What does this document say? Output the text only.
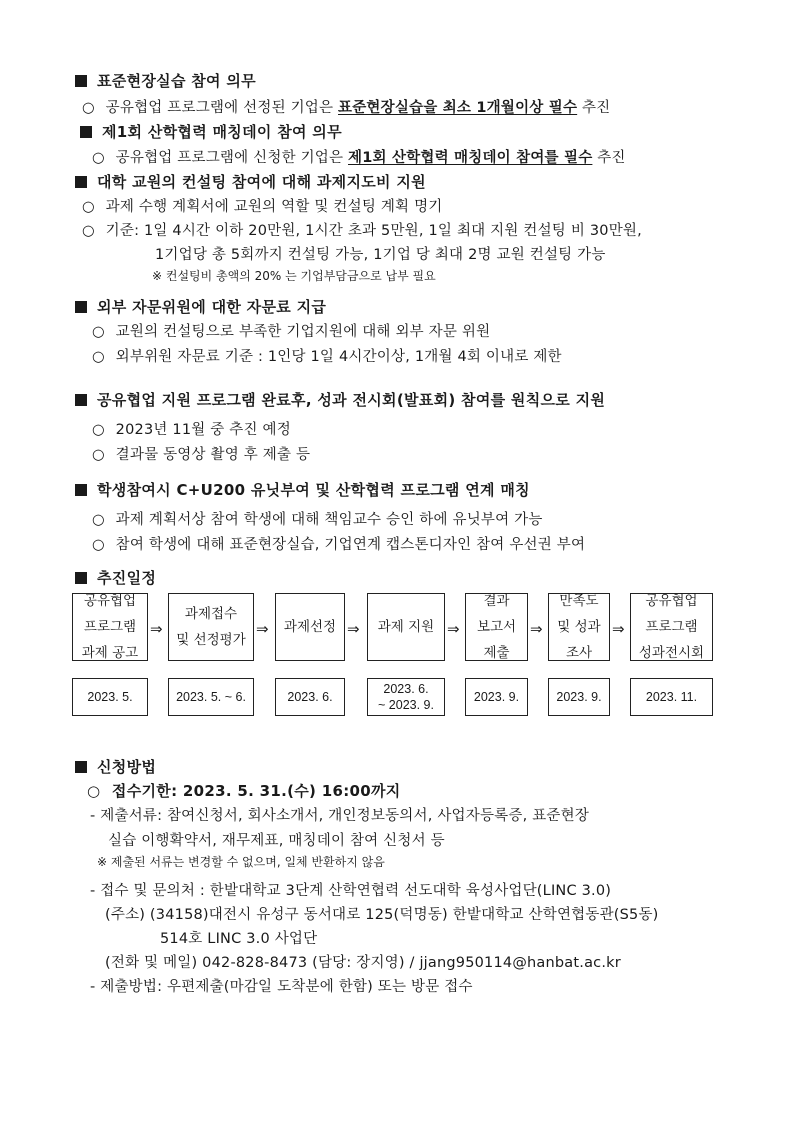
표준현장실습 참여 의무
○ 공유협업 프로그램에 선정된 기업은 표준현장실습을 최소 1개월이상 필수 추진
제1회 산학협력 매칭데이 참여 의무
○ 공유협업 프로그램에 신청한 기업은 제1회 산학협력 매칭데이 참여를 필수 추진
대학 교원의 컨설팅 참여에 대해 과제지도비 지원
○ 과제 수행 계획서에 교원의 역할 및 컨설팅 계획 명기
○ 기준: 1일 4시간 이하 20만원, 1시간 초과 5만원, 1일 최대 지원 컨설팅 비 30만원,
1기업당 총 5회까지 컨설팅 가능, 1기업 당 최대 2명 교원 컨설팅 가능
※ 컨설팅비 총액의 20% 는 기업부담금으로 납부 필요
외부 자문위원에 대한 자문료 지급
○ 교원의 컨설팅으로 부족한 기업지원에 대해 외부 자문 위원
○ 외부위원 자문료 기준 : 1인당 1일 4시간이상, 1개월 4회 이내로 제한
공유협업 지원 프로그램 완료후, 성과 전시회(발표회) 참여를 원칙으로 지원
○ 2023년 11월 중 추진 예정
○ 결과물 동영상 촬영 후 제출 등
학생참여시 C+U200 유닛부여 및 산학협력 프로그램 연계 매칭
○ 과제 계획서상 참여 학생에 대해 책임교수 승인 하에 유닛부여 가능
○ 참여 학생에 대해 표준현장실습, 기업연계 캡스톤디자인 참여 우선권 부여
추진일정
공유협업
프로그램
과제 공고
⇒
과제접수
및 선정평가
⇒ 과제선정 ⇒ 과제 지원 ⇒
결과
보고서
제출
⇒
만족도
및 성과
조사
⇒
공유협업
프로그램
성과전시회
2023. 5.	2023. 5. ~ 6.	2023. 6.
2023. 6.
~ 2023. 9.
2023. 9.	2023. 9.	2023. 11.
신청방법
○ 접수기한: 2023. 5. 31.(수) 16:00까지
- 제출서류: 참여신청서, 회사소개서, 개인정보동의서, 사업자등록증, 표준현장
실습 이행확약서, 재무제표, 매칭데이 참여 신청서 등
※ 제출된 서류는 변경할 수 없으며, 일체 반환하지 않음
- 접수 및 문의처 : 한밭대학교 3단계 산학연협력 선도대학 육성사업단(LINC 3.0)
(주소) (34158)대전시 유성구 동서대로 125(덕명동) 한밭대학교 산학연협동관(S5동)
514호 LINC 3.0 사업단
(전화 및 메일) 042-828-8473 (담당: 장지영) / jjang950114@hanbat.ac.kr
- 제출방법: 우편제출(마감일 도착분에 한함) 또는 방문 접수
